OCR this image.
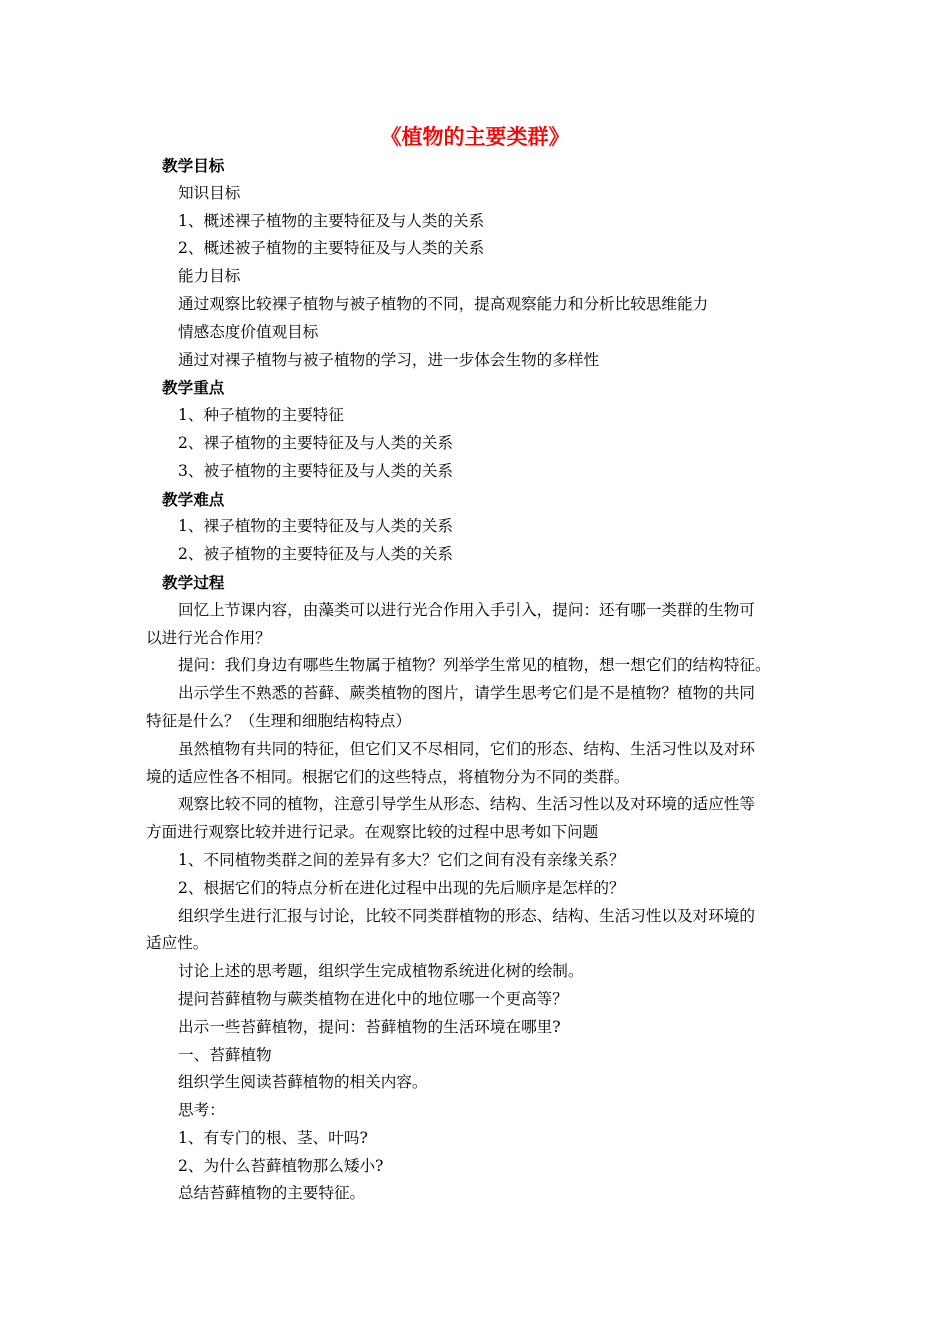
《植物的主要类群》
教学目标
知识目标
1、概述裸子植物的主要特征及与人类的关系
2、概述被子植物的主要特征及与人类的关系
能力目标
通过观察比较裸子植物与被子植物的不同，提高观察能力和分析比较思维能力
情感态度价值观目标
通过对裸子植物与被子植物的学习，进一步体会生物的多样性
教学重点
1、种子植物的主要特征
2、裸子植物的主要特征及与人类的关系
3、被子植物的主要特征及与人类的关系
教学难点
1、裸子植物的主要特征及与人类的关系
2、被子植物的主要特征及与人类的关系
教学过程
回忆上节课内容，由藻类可以进行光合作用入手引入，提问：还有哪一类群的生物可
以进行光合作用？
提问：我们身边有哪些生物属于植物？列举学生常见的植物，想一想它们的结构特征。
出示学生不熟悉的苔藓、蕨类植物的图片，请学生思考它们是不是植物？植物的共同
特征是什么？（生理和细胞结构特点）
虽然植物有共同的特征，但它们又不尽相同，它们的形态、结构、生活习性以及对环
境的适应性各不相同。根据它们的这些特点，将植物分为不同的类群。
观察比较不同的植物，注意引导学生从形态、结构、生活习性以及对环境的适应性等
方面进行观察比较并进行记录。在观察比较的过程中思考如下问题
1、不同植物类群之间的差异有多大？它们之间有没有亲缘关系？
2、根据它们的特点分析在进化过程中出现的先后顺序是怎样的？
组织学生进行汇报与讨论，比较不同类群植物的形态、结构、生活习性以及对环境的
适应性。
讨论上述的思考题，组织学生完成植物系统进化树的绘制。
提问苔藓植物与蕨类植物在进化中的地位哪一个更高等？
出示一些苔藓植物，提问：苔藓植物的生活环境在哪里?
一、苔藓植物
组织学生阅读苔藓植物的相关内容。
思考：
1、有专门的根、茎、叶吗?
2、为什么苔藓植物那么矮小?
总结苔藓植物的主要特征。
